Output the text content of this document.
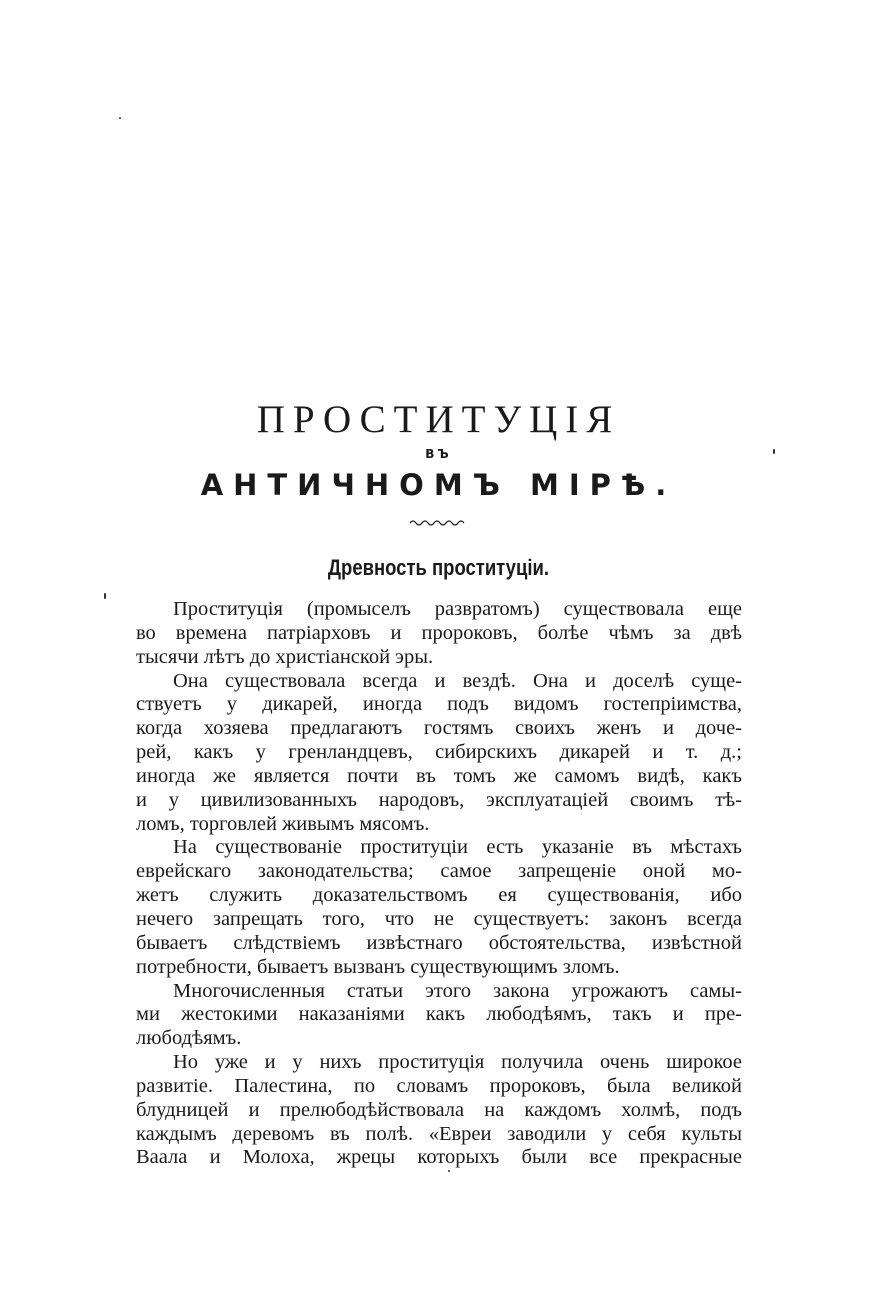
ПРОСТИТУЦІЯ
ВЪ
АНТИЧНОМЪ МІРѢ.
Древность проституціи.
Проституція (промыселъ развратомъ) существовала еще
во времена патріарховъ и пророковъ, болѣе чѣмъ за двѣ
тысячи лѣтъ до христіанской эры.
Она существовала всегда и вездѣ. Она и доселѣ суще-
ствуетъ у дикарей, иногда подъ видомъ гостепріимства,
когда хозяева предлагаютъ гостямъ своихъ женъ и доче-
рей, какъ у гренландцевъ, сибирскихъ дикарей и т. д.;
иногда же является почти въ томъ же самомъ видѣ, какъ
и у цивилизованныхъ народовъ, эксплуатаціей своимъ тѣ-
ломъ, торговлей живымъ мясомъ.
На существованіе проституціи есть указаніе въ мѣстахъ
еврейскаго законодательства; самое запрещеніе оной мо-
жетъ служить доказательствомъ ея существованія, ибо
нечего запрещать того, что не существуетъ: законъ всегда
бываетъ слѣдствіемъ извѣстнаго обстоятельства, извѣстной
потребности, бываетъ вызванъ существующимъ зломъ.
Многочисленныя статьи этого закона угрожаютъ самы-
ми жестокими наказаніями какъ любодѣямъ, такъ и пре-
любодѣямъ.
Но уже и у нихъ проституція получила очень широкое
развитіе. Палестина, по словамъ пророковъ, была великой
блудницей и прелюбодѣйствовала на каждомъ холмѣ, подъ
каждымъ деревомъ въ полѣ. «Евреи заводили у себя культы
Ваала и Молоха, жрецы которыхъ были все прекрасные
